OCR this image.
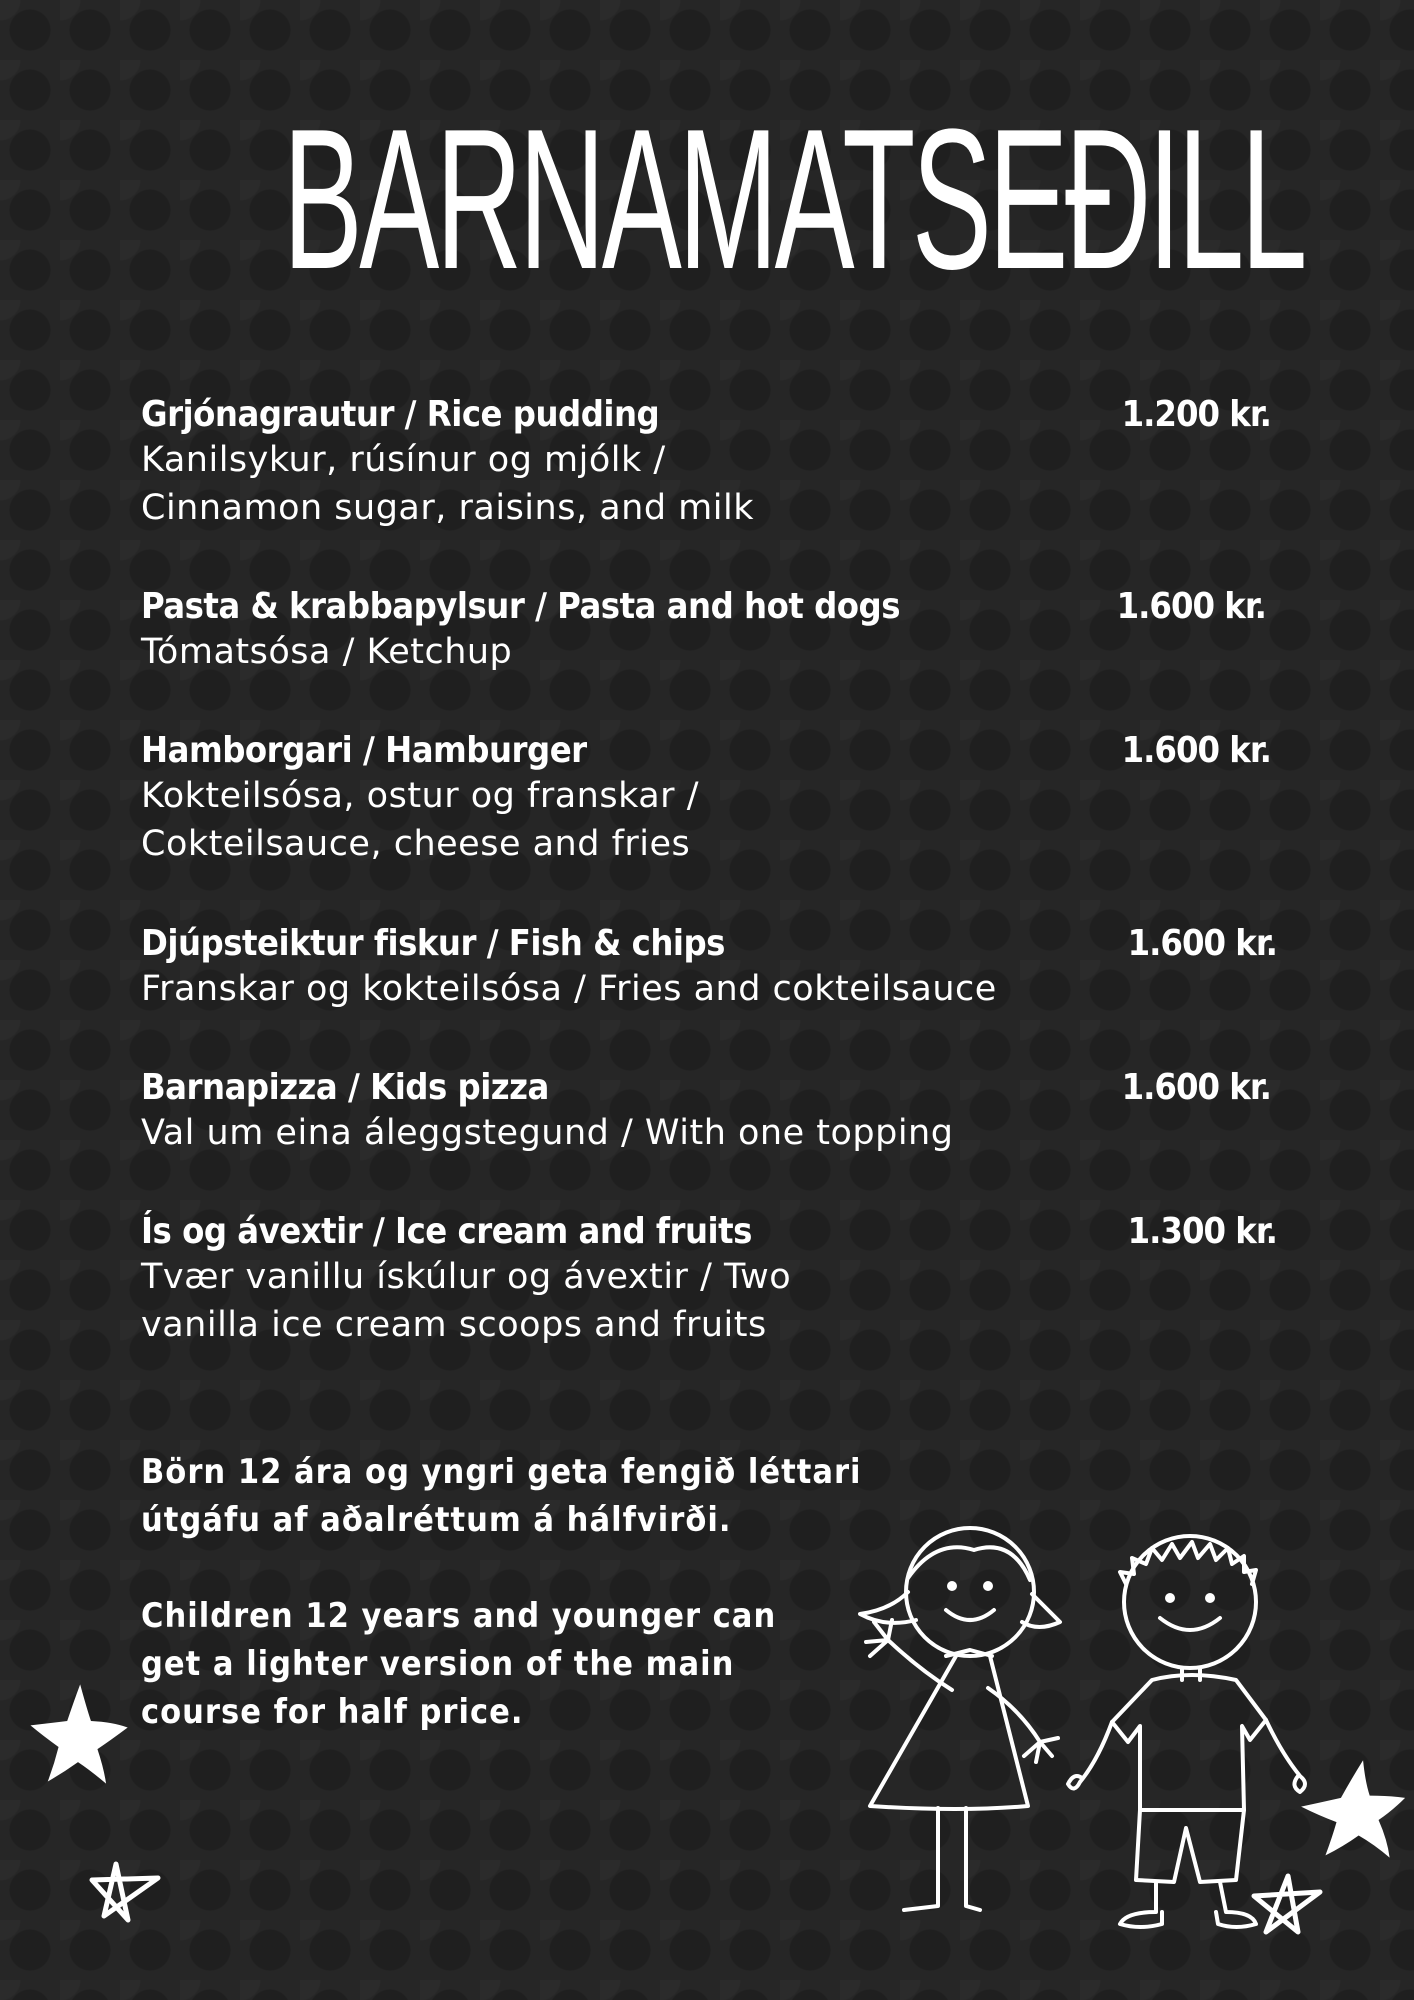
BARNAMATSEÐILL
Grjónagrautur / Rice pudding	1.200 kr.
Kanilsykur, rúsínur og mjólk / Cinnamon sugar, raisins, and milk
Pasta & krabbapylsur / Pasta and hot dogs	1.600 kr.
Tómatsósa / Ketchup
Hamborgari / Hamburger	1.600 kr.
Kokteilsósa, ostur og franskar / Cokteilsauce, cheese and fries
Djúpsteiktur fiskur / Fish & chips	1.600 kr.
Franskar og kokteilsósa / Fries and cokteilsauce
Barnapizza / Kids pizza	1.600 kr.
Val um eina áleggstegund / With one topping
Ís og ávextir / Ice cream and fruits	1.300 kr.
Tvær vanillu ískúlur og ávextir / Two vanilla ice cream scoops and fruits
Börn 12 ára og yngri geta fengið léttari útgáfu af aðalréttum á hálfvirði.
Children 12 years and younger can get a lighter version of the main course for half price.
